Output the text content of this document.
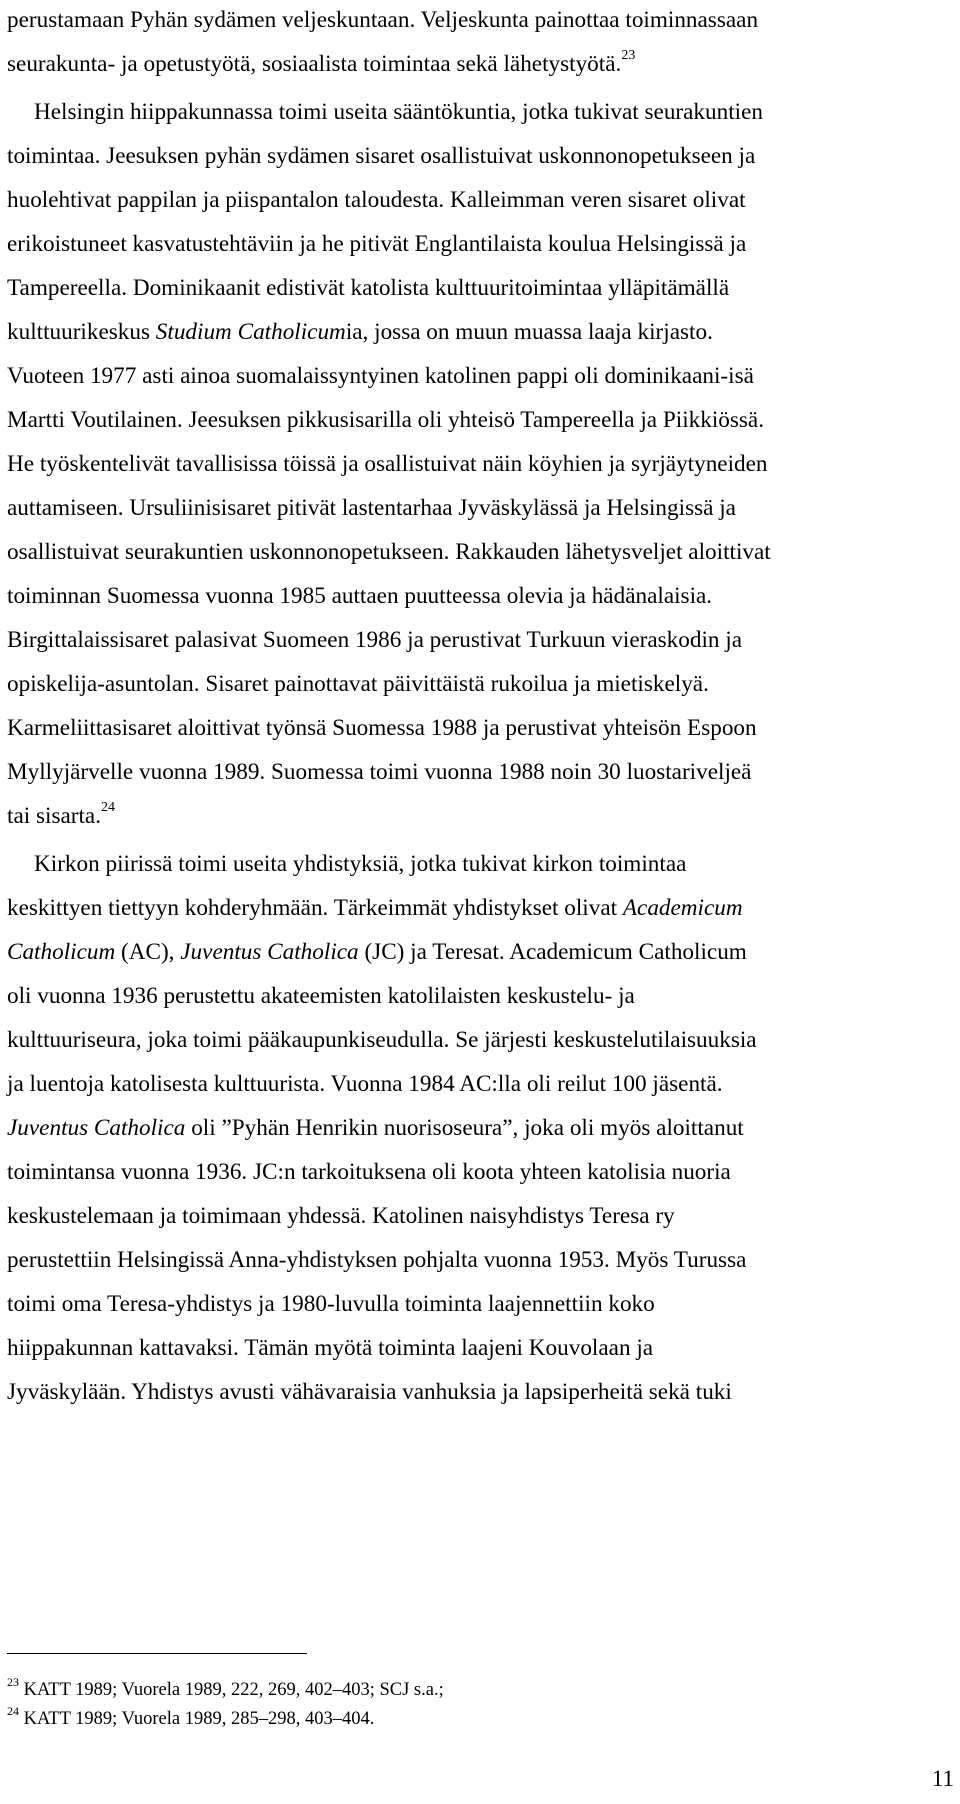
perustamaan Pyhän sydämen veljeskuntaan. Veljeskunta painottaa toiminnassaan
seurakunta- ja opetustyötä, sosiaalista toimintaa sekä lähetystyötä.$^{23}$
Helsingin hiippakunnassa toimi useita sääntökuntia, jotka tukivat seurakuntien
toimintaa. Jeesuksen pyhän sydämen sisaret osallistuivat uskonnonopetukseen ja
huolehtivat pappilan ja piispantalon taloudesta. Kalleimman veren sisaret olivat
erikoistuneet kasvatustehtäviin ja he pitivät Englantilaista koulua Helsingissä ja
Tampereella. Dominikaanit edistivät katolista kulttuuritoimintaa ylläpitämällä
kulttuurikeskus Studium Catholicumia, jossa on muun muassa laaja kirjasto.
Vuoteen 1977 asti ainoa suomalaissyntyinen katolinen pappi oli dominikaani-isä
Martti Voutilainen. Jeesuksen pikkusisarilla oli yhteisö Tampereella ja Piikkiössä.
He työskentelivät tavallisissa töissä ja osallistuivat näin köyhien ja syrjäytyneiden
auttamiseen. Ursuliinisisaret pitivät lastentarhaa Jyväskylässä ja Helsingissä ja
osallistuivat seurakuntien uskonnonopetukseen. Rakkauden lähetysveljet aloittivat
toiminnan Suomessa vuonna 1985 auttaen puutteessa olevia ja hädänalaisia.
Birgittalaissisaret palasivat Suomeen 1986 ja perustivat Turkuun vieraskodin ja
opiskelija-asuntolan. Sisaret painottavat päivittäistä rukoilua ja mietiskelyä.
Karmeliittasisaret aloittivat työnsä Suomessa 1988 ja perustivat yhteisön Espoon
Myllyjärvelle vuonna 1989. Suomessa toimi vuonna 1988 noin 30 luostariveljeä
tai sisarta.$^{24}$
Kirkon piirissä toimi useita yhdistyksiä, jotka tukivat kirkon toimintaa
keskittyen tiettyyn kohderyhmään. Tärkeimmät yhdistykset olivat Academicum
Catholicum (AC), Juventus Catholica (JC) ja Teresat. Academicum Catholicum
oli vuonna 1936 perustettu akateemisten katolilaisten keskustelu- ja
kulttuuriseura, joka toimi pääkaupunkiseudulla. Se järjesti keskustelutilaisuuksia
ja luentoja katolisesta kulttuurista. Vuonna 1984 AC:lla oli reilut 100 jäsentä.
Juventus Catholica oli ”Pyhän Henrikin nuorisoseura”, joka oli myös aloittanut
toimintansa vuonna 1936. JC:n tarkoituksena oli koota yhteen katolisia nuoria
keskustelemaan ja toimimaan yhdessä. Katolinen naisyhdistys Teresa ry
perustettiin Helsingissä Anna-yhdistyksen pohjalta vuonna 1953. Myös Turussa
toimi oma Teresa-yhdistys ja 1980-luvulla toiminta laajennettiin koko
hiippakunnan kattavaksi. Tämän myötä toiminta laajeni Kouvolaan ja
Jyväskylään. Yhdistys avusti vähävaraisia vanhuksia ja lapsiperheitä sekä tuki
$^{23}$ KATT 1989; Vuorela 1989, 222, 269, 402–403; SCJ s.a.;
$^{24}$ KATT 1989; Vuorela 1989, 285–298, 403–404.
11
